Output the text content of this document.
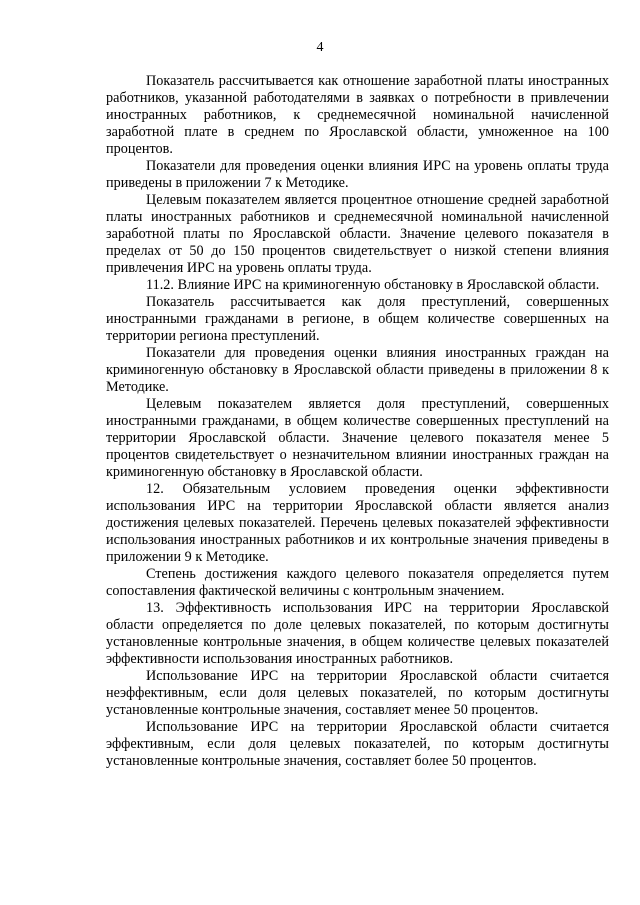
4

Показатель рассчитывается как отношение заработной платы иностранных работников, указанной работодателями в заявках о потребности в привлечении иностранных работников, к среднемесячной номинальной начисленной заработной плате в среднем по Ярославской области, умноженное на 100 процентов.

Показатели для проведения оценки влияния ИРС на уровень оплаты труда приведены в приложении 7 к Методике.

Целевым показателем является процентное отношение средней заработной платы иностранных работников и среднемесячной номинальной начисленной заработной платы по Ярославской области. Значение целевого показателя в пределах от 50 до 150 процентов свидетельствует о низкой степени влияния привлечения ИРС на уровень оплаты труда.

11.2. Влияние ИРС на криминогенную обстановку в Ярославской области.

Показатель рассчитывается как доля преступлений, совершенных иностранными гражданами в регионе, в общем количестве совершенных на территории региона преступлений.

Показатели для проведения оценки влияния иностранных граждан на криминогенную обстановку в Ярославской области приведены в приложении 8 к Методике.

Целевым показателем является доля преступлений, совершенных иностранными гражданами, в общем количестве совершенных преступлений на территории Ярославской области. Значение целевого показателя менее 5 процентов свидетельствует о незначительном влиянии иностранных граждан на криминогенную обстановку в Ярославской области.

12. Обязательным условием проведения оценки эффективности использования ИРС на территории Ярославской области является анализ достижения целевых показателей. Перечень целевых показателей эффективности использования иностранных работников и их контрольные значения приведены в приложении 9 к Методике.

Степень достижения каждого целевого показателя определяется путем сопоставления фактической величины с контрольным значением.

13. Эффективность использования ИРС на территории Ярославской области определяется по доле целевых показателей, по которым достигнуты установленные контрольные значения, в общем количестве целевых показателей эффективности использования иностранных работников.

Использование ИРС на территории Ярославской области считается неэффективным, если доля целевых показателей, по которым достигнуты установленные контрольные значения, составляет менее 50 процентов.

Использование ИРС на территории Ярославской области считается эффективным, если доля целевых показателей, по которым достигнуты установленные контрольные значения, составляет более 50 процентов.
